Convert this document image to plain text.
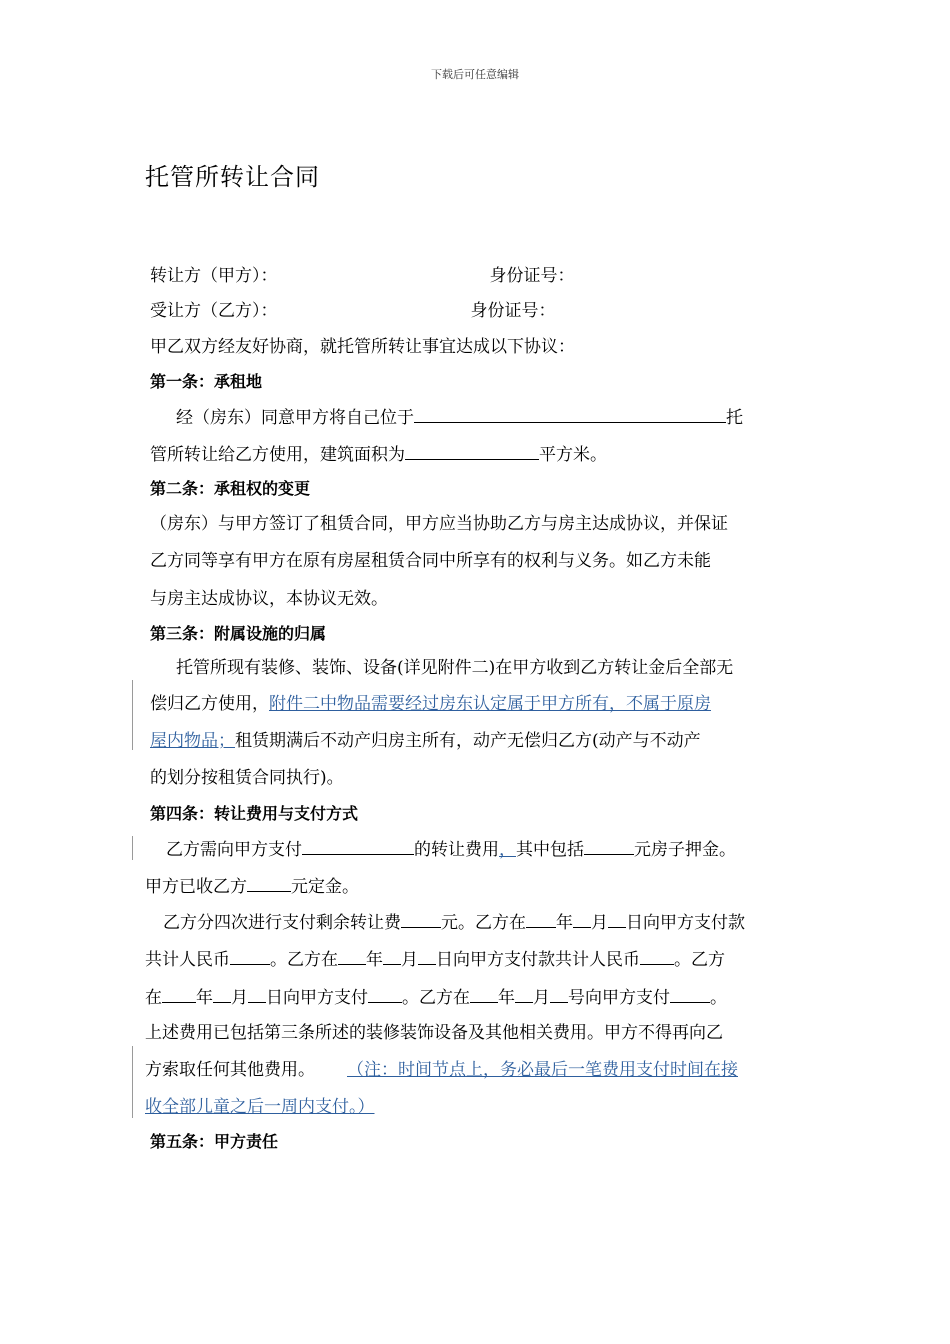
下载后可任意编辑
托管所转让合同
转让方（甲方）：	身份证号：
受让方（乙方）：	身份证号：
甲乙双方经友好协商，就托管所转让事宜达成以下协议：
第一条：承租地
经（房东）同意甲方将自己位于	托
管所转让给乙方使用，建筑面积为	平方米。
第二条：承租权的变更
（房东）与甲方签订了租赁合同，甲方应当协助乙方与房主达成协议，并保证
乙方同等享有甲方在原有房屋租赁合同中所享有的权利与义务。如乙方未能
与房主达成协议，本协议无效。
第三条：附属设施的归属
托管所现有装修、装饰、设备(详见附件二)在甲方收到乙方转让金后全部无
偿归乙方使用，附件二中物品需要经过房东认定属于甲方所有，不属于原房
屋内物品；租赁期满后不动产归房主所有，动产无偿归乙方(动产与不动产
的划分按租赁合同执行)。
第四条：转让费用与支付方式
乙方需向甲方支付	的转让费用，其中包括	元房子押金。
甲方已收乙方	元定金。
乙方分四次进行支付剩余转让费 元。乙方在 年 月 日向甲方支付款
共计人民币 。乙方在 年 月 日向甲方支付款共计人民币 。乙方
在 年 月 日向甲方支付 。乙方在 年 月 号向甲方支付 。
上述费用已包括第三条所述的装修装饰设备及其他相关费用。甲方不得再向乙
方索取任何其他费用。 （注：时间节点上，务必最后一笔费用支付时间在接
收全部儿童之后一周内支付。）
第五条：甲方责任
